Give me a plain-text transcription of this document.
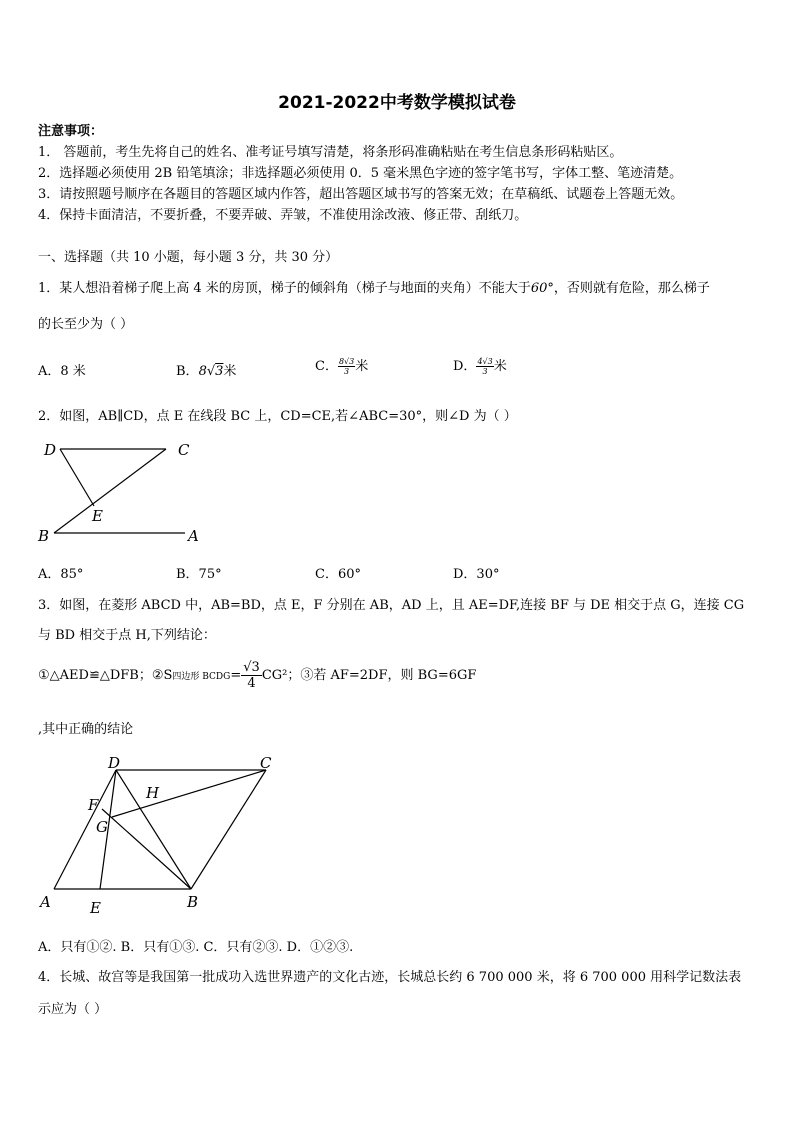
2021-2022中考数学模拟试卷
注意事项：
1． 答题前，考生先将自己的姓名、准考证号填写清楚，将条形码准确粘贴在考生信息条形码粘贴区。
2．选择题必须使用 2B 铅笔填涂；非选择题必须使用 0．5 毫米黑色字迹的签字笔书写，字体工整、笔迹清楚。
3．请按照题号顺序在各题目的答题区域内作答，超出答题区域书写的答案无效；在草稿纸、试题卷上答题无效。
4．保持卡面清洁，不要折叠，不要弄破、弄皱，不准使用涂改液、修正带、刮纸刀。
一、选择题（共 10 小题，每小题 3 分，共 30 分）
1．某人想沿着梯子爬上高 4 米的房顶，梯子的倾斜角（梯子与地面的夹角）不能大于60°，否则就有危险，那么梯子
的长至少为（ ）
A．8 米	B．8√3米	C． $\frac{8√3}{3}$ 米	D． $\frac{4√3}{3}$ 米
2．如图，AB∥CD，点 E 在线段 BC 上，CD=CE,若∠ABC=30°，则∠D 为（ ）
D	C
E
B	A
A．85°	B．75°	C．60°	D．30°
3．如图，在菱形 ABCD 中，AB=BD，点 E，F 分别在 AB，AD 上，且 AE=DF,连接 BF 与 DE 相交于点 G，连接 CG
与 BD 相交于点 H,下列结论：
①△AED≌△DFB；②S四边形 BCDG= $\frac{√3}{4} CG^2$；③若 AF=2DF，则 BG=6GF
,其中正确的结论
D	C
F
H
G
A	E	B
A．只有①②. B．只有①③. C．只有②③. D．①②③.
4．长城、故宫等是我国第一批成功入选世界遗产的文化古迹，长城总长约 6 700 000 米，将 6 700 000 用科学记数法表
示应为（ ）
